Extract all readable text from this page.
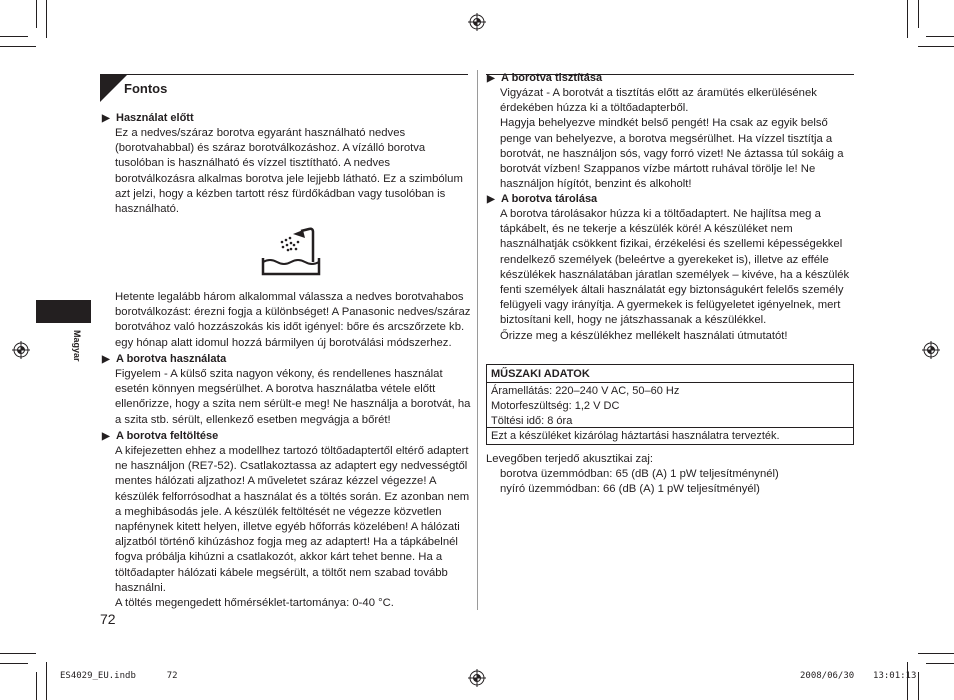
Fontos
Magyar
▶ Használat előtt
Ez a nedves/száraz borotva egyaránt használható nedves
(borotvahabbal) és száraz borotválkozáshoz. A vízálló borotva
tusolóban is használható és vízzel tisztítható. A nedves
borotválkozásra alkalmas borotva jele lejjebb látható. Ez a szimbólum
azt jelzi, hogy a kézben tartott rész fürdőkádban vagy tusolóban is
használható.
Hetente legalább három alkalommal válassza a nedves borotvahabos
borotválkozást: érezni fogja a különbséget! A Panasonic nedves/száraz
borotvához való hozzászokás kis időt igényel: bőre és arcszőrzete kb.
egy hónap alatt idomul hozzá bármilyen új borotválási módszerhez.
▶ A borotva használata
Figyelem - A külső szita nagyon vékony, és rendellenes használat
esetén könnyen megsérülhet. A borotva használatba vétele előtt
ellenőrizze, hogy a szita nem sérült-e meg! Ne használja a borotvát, ha
a szita stb. sérült, ellenkező esetben megvágja a bőrét!
▶ A borotva feltöltése
A kifejezetten ehhez a modellhez tartozó töltőadaptertől eltérő adaptert
ne használjon (RE7-52). Csatlakoztassa az adaptert egy nedvességtől
mentes hálózati aljzathoz! A műveletet száraz kézzel végezze! A
készülék felforrósodhat a használat és a töltés során. Ez azonban nem
a meghibásodás jele. A készülék feltöltését ne végezze közvetlen
napfénynek kitett helyen, illetve egyéb hőforrás közelében! A hálózati
aljzatból történő kihúzáshoz fogja meg az adaptert! Ha a tápkábelnél
fogva próbálja kihúzni a csatlakozót, akkor kárt tehet benne. Ha a
töltőadapter hálózati kábele megsérült, a töltőt nem szabad tovább
használni.
A töltés megengedett hőmérséklet-tartománya: 0-40 °C.
72
▶ A borotva tisztítása
Vigyázat - A borotvát a tisztítás előtt az áramütés elkerülésének
érdekében húzza ki a töltőadapterből.
Hagyja behelyezve mindkét belső pengét! Ha csak az egyik belső
penge van behelyezve, a borotva megsérülhet. Ha vízzel tisztítja a
borotvát, ne használjon sós, vagy forró vizet! Ne áztassa túl sokáig a
borotvát vízben! Szappanos vízbe mártott ruhával törölje le! Ne
használjon hígítót, benzint és alkoholt!
▶ A borotva tárolása
A borotva tárolásakor húzza ki a töltőadaptert. Ne hajlítsa meg a
tápkábelt, és ne tekerje a készülék köré! A készüléket nem
használhatják csökkent fizikai, érzékelési és szellemi képességekkel
rendelkező személyek (beleértve a gyerekeket is), illetve az efféle
készülékek használatában járatlan személyek – kivéve, ha a készülék
fenti személyek általi használatát egy biztonságukért felelős személy
felügyeli vagy irányítja. A gyermekek is felügyeletet igényelnek, mert
biztosítani kell, hogy ne játszhassanak a készülékkel.
Őrizze meg a készülékhez mellékelt használati útmutatót!
MŰSZAKI ADATOK
Áramellátás: 220–240 V AC, 50–60 Hz
Motorfeszültség: 1,2 V DC
Töltési idő: 8 óra
Ezt a készüléket kizárólag háztartási használatra tervezték.
Levegőben terjedő akusztikai zaj:
borotva üzemmódban: 65 (dB (A) 1 pW teljesítménynél)
nyíró üzemmódban: 66 (dB (A) 1 pW teljesítményél)
ES4029_EU.indb	72	2008/06/30 13:01:13
